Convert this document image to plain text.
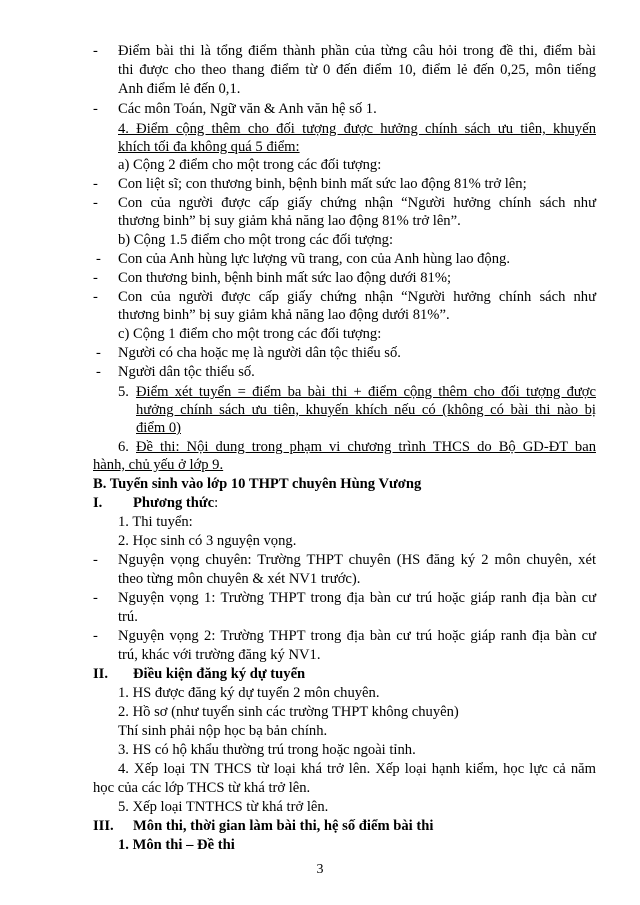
- Điểm bài thi là tổng điểm thành phần của từng câu hỏi trong đề thi, điểm bài
thi được cho theo thang điểm từ 0 đến điểm 10, điểm lẻ đến 0,25, môn tiếng
Anh điểm lẻ đến 0,1.
- Các môn Toán, Ngữ văn & Anh văn hệ số 1.
4. Điểm cộng thêm cho đối tượng được hưởng chính sách ưu tiên, khuyến
khích tối đa không quá 5 điểm:
a) Cộng 2 điểm cho một trong các đối tượng:
- Con liệt sĩ; con thương binh, bệnh binh mất sức lao động 81% trở lên;
- Con của người được cấp giấy chứng nhận “Người hưởng chính sách như
thương binh” bị suy giảm khả năng lao động 81% trở lên”.
b) Cộng 1.5 điểm cho một trong các đối tượng:
- Con của Anh hùng lực lượng vũ trang, con của Anh hùng lao động.
- Con thương binh, bệnh binh mất sức lao động dưới 81%;
- Con của người được cấp giấy chứng nhận “Người hưởng chính sách như
thương binh” bị suy giảm khả năng lao động dưới 81%”.
c) Cộng 1 điểm cho một trong các đối tượng:
- Người có cha hoặc mẹ là người dân tộc thiểu số.
- Người dân tộc thiểu số.
5. Điểm xét tuyển = điểm ba bài thi + điểm cộng thêm cho đối tượng được
hưởng chính sách ưu tiên, khuyến khích nếu có (không có bài thi nào bị
điểm 0)
6. Đề thi: Nội dung trong phạm vi chương trình THCS do Bộ GD-ĐT ban
hành, chủ yếu ở lớp 9.
B. Tuyển sinh vào lớp 10 THPT chuyên Hùng Vương
I. Phương thức:
1. Thi tuyển:
2. Học sinh có 3 nguyện vọng.
- Nguyện vọng chuyên: Trường THPT chuyên (HS đăng ký 2 môn chuyên, xét
theo từng môn chuyên & xét NV1 trước).
- Nguyện vọng 1: Trường THPT trong địa bàn cư trú hoặc giáp ranh địa bàn cư
trú.
- Nguyện vọng 2: Trường THPT trong địa bàn cư trú hoặc giáp ranh địa bàn cư
trú, khác với trường đăng ký NV1.
II. Điều kiện đăng ký dự tuyển
1. HS được đăng ký dự tuyển 2 môn chuyên.
2. Hồ sơ (như tuyển sinh các trường THPT không chuyên)
Thí sinh phải nộp học bạ bản chính.
3. HS có hộ khẩu thường trú trong hoặc ngoài tỉnh.
4. Xếp loại TN THCS từ loại khá trở lên. Xếp loại hạnh kiểm, học lực cả năm
học của các lớp THCS từ khá trở lên.
5. Xếp loại TNTHCS từ khá trở lên.
III. Môn thi, thời gian làm bài thi, hệ số điểm bài thi
1. Môn thi – Đề thi
3
